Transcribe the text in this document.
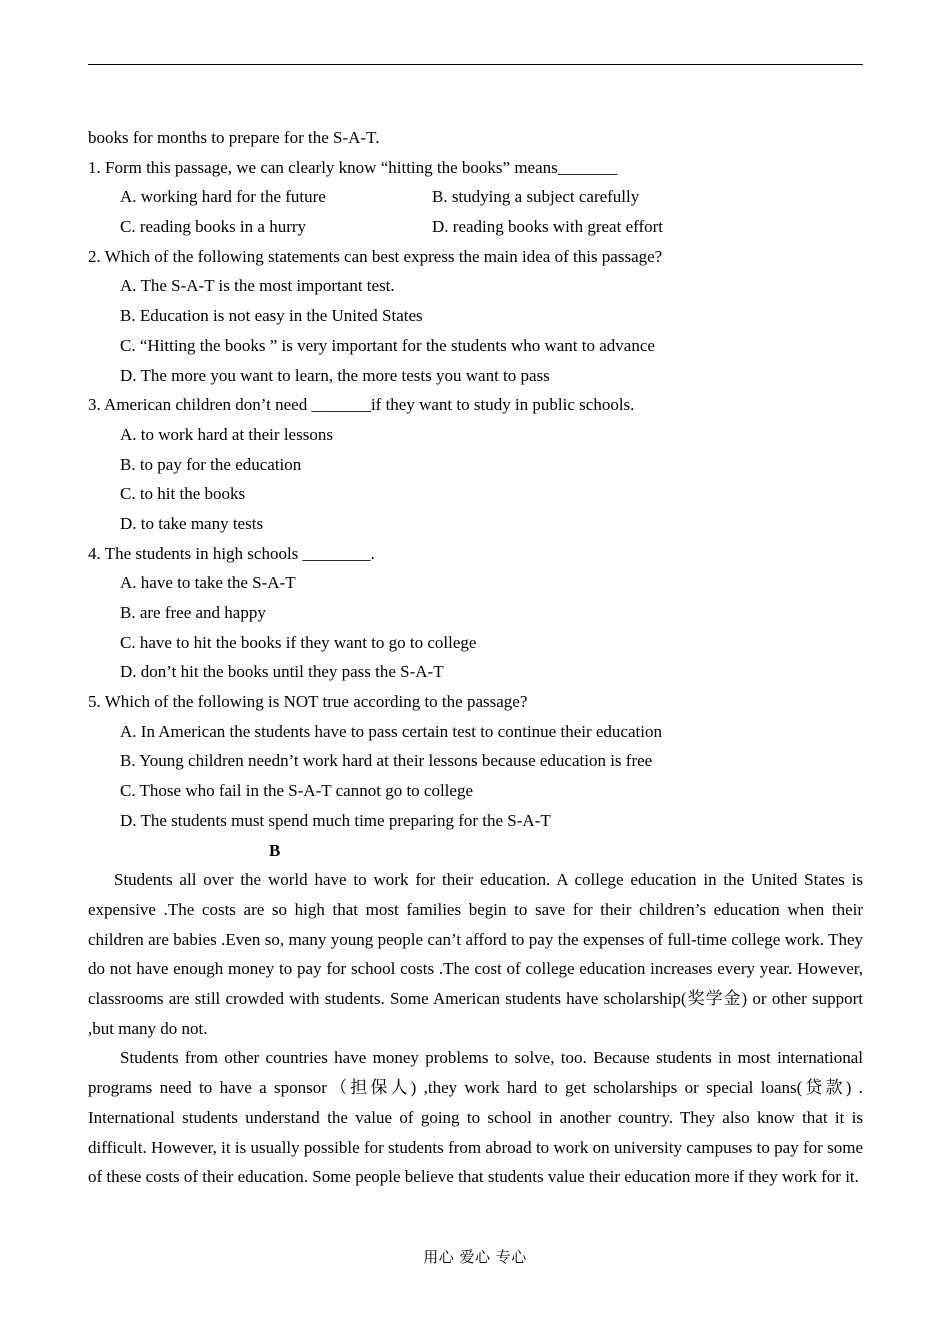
books for months to prepare for the S-A-T.
1. Form this passage, we can clearly know “hitting the books” means_______
A. working hard for the future	B. studying a subject carefully
C. reading books in a hurry	D. reading books with great effort
2. Which of the following statements can best express the main idea of this passage?
A. The S-A-T is the most important test.
B. Education is not easy in the United States
C. “Hitting the books ” is very important for the students who want to advance
D. The more you want to learn, the more tests you want to pass
3. American children don’t need _______if they want to study in public schools.
A. to work hard at their lessons
B. to pay for the education
C. to hit the books
D. to take many tests
4. The students in high schools ________.
A. have to take the S-A-T
B. are free and happy
C. have to hit the books if they want to go to college
D. don’t hit the books until they pass the S-A-T
5. Which of the following is NOT true according to the passage?
A. In American the students have to pass certain test to continue their education
B. Young children needn’t work hard at their lessons because education is free
C. Those who fail in the S-A-T cannot go to college
D. The students must spend much time preparing for the S-A-T
B

Students all over the world have to work for their education. A college education in the United States is expensive .The costs are so high that most families begin to save for their children’s education when their children are babies .Even so, many young people can’t afford to pay the expenses of full-time college work. They do not have enough money to pay for school costs .The cost of college education increases every year. However, classrooms are still crowded with students. Some American students have scholarship(奖学金) or other support ,but many do not.

Students from other countries have money problems to solve, too. Because students in most international programs need to have a sponsor（担保人) ,they work hard to get scholarships or special loans(贷款) . International students understand the value of going to school in another country. They also know that it is difficult. However, it is usually possible for students from abroad to work on university campuses to pay for some of these costs of their education. Some people believe that students value their education more if they work for it.

用心 爱心 专心
